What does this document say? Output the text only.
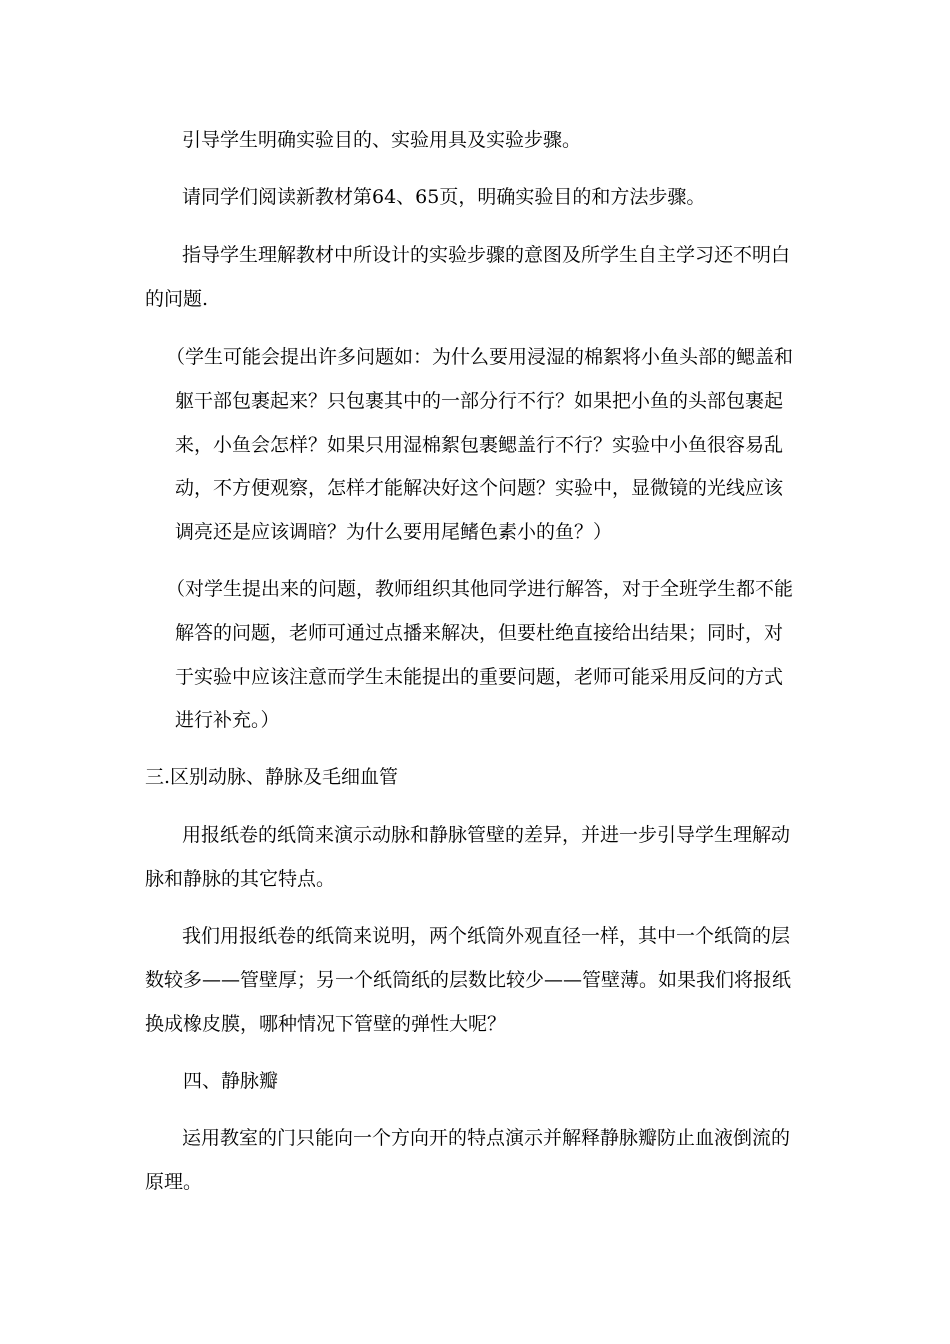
引导学生明确实验目的、实验用具及实验步骤。
请同学们阅读新教材第64、65页，明确实验目的和方法步骤。
指导学生理解教材中所设计的实验步骤的意图及所学生自主学习还不明白
的问题.
（学生可能会提出许多问题如：为什么要用浸湿的棉絮将小鱼头部的鳃盖和
躯干部包裹起来？只包裹其中的一部分行不行？如果把小鱼的头部包裹起
来，小鱼会怎样？如果只用湿棉絮包裹鳃盖行不行？实验中小鱼很容易乱
动，不方便观察，怎样才能解决好这个问题？实验中，显微镜的光线应该
调亮还是应该调暗？为什么要用尾鳍色素小的鱼？）
（对学生提出来的问题，教师组织其他同学进行解答，对于全班学生都不能
解答的问题，老师可通过点播来解决，但要杜绝直接给出结果；同时，对
于实验中应该注意而学生未能提出的重要问题，老师可能采用反问的方式
进行补充。）
三.区别动脉、静脉及毛细血管
用报纸卷的纸筒来演示动脉和静脉管壁的差异，并进一步引导学生理解动
脉和静脉的其它特点。
我们用报纸卷的纸筒来说明，两个纸筒外观直径一样，其中一个纸筒的层
数较多——管壁厚；另一个纸筒纸的层数比较少——管壁薄。如果我们将报纸
换成橡皮膜，哪种情况下管壁的弹性大呢？
四、静脉瓣
运用教室的门只能向一个方向开的特点演示并解释静脉瓣防止血液倒流的
原理。
